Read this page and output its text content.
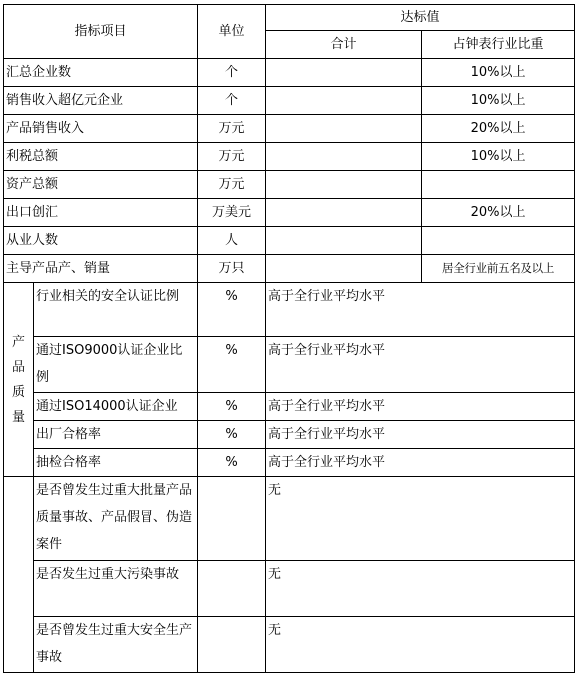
指标项目		单位	达标值	
			合计	占钟表行业比重
汇总企业数		个		10%以上
销售收入超亿元企业		个		10%以上
产品销售收入		万元		20%以上
利税总额		万元		10%以上
资产总额		万元		
出口创汇		万美元		20%以上
从业人数		人		
主导产品产、销量		万只		居全行业前五名及以上

产
品
质
量	行业相关的安全认证比例	%	高于全行业平均水平	
	通过ISO9000认证企业比例	%	高于全行业平均水平	
	通过ISO14000认证企业	%	高于全行业平均水平	
	出厂合格率	%	高于全行业平均水平	
	抽检合格率	%	高于全行业平均水平	
	是否曾发生过重大批量产品质量事故、产品假冒、伪造案件		无	
	是否发生过重大污染事故		无	
	是否曾发生过重大安全生产事故		无	
